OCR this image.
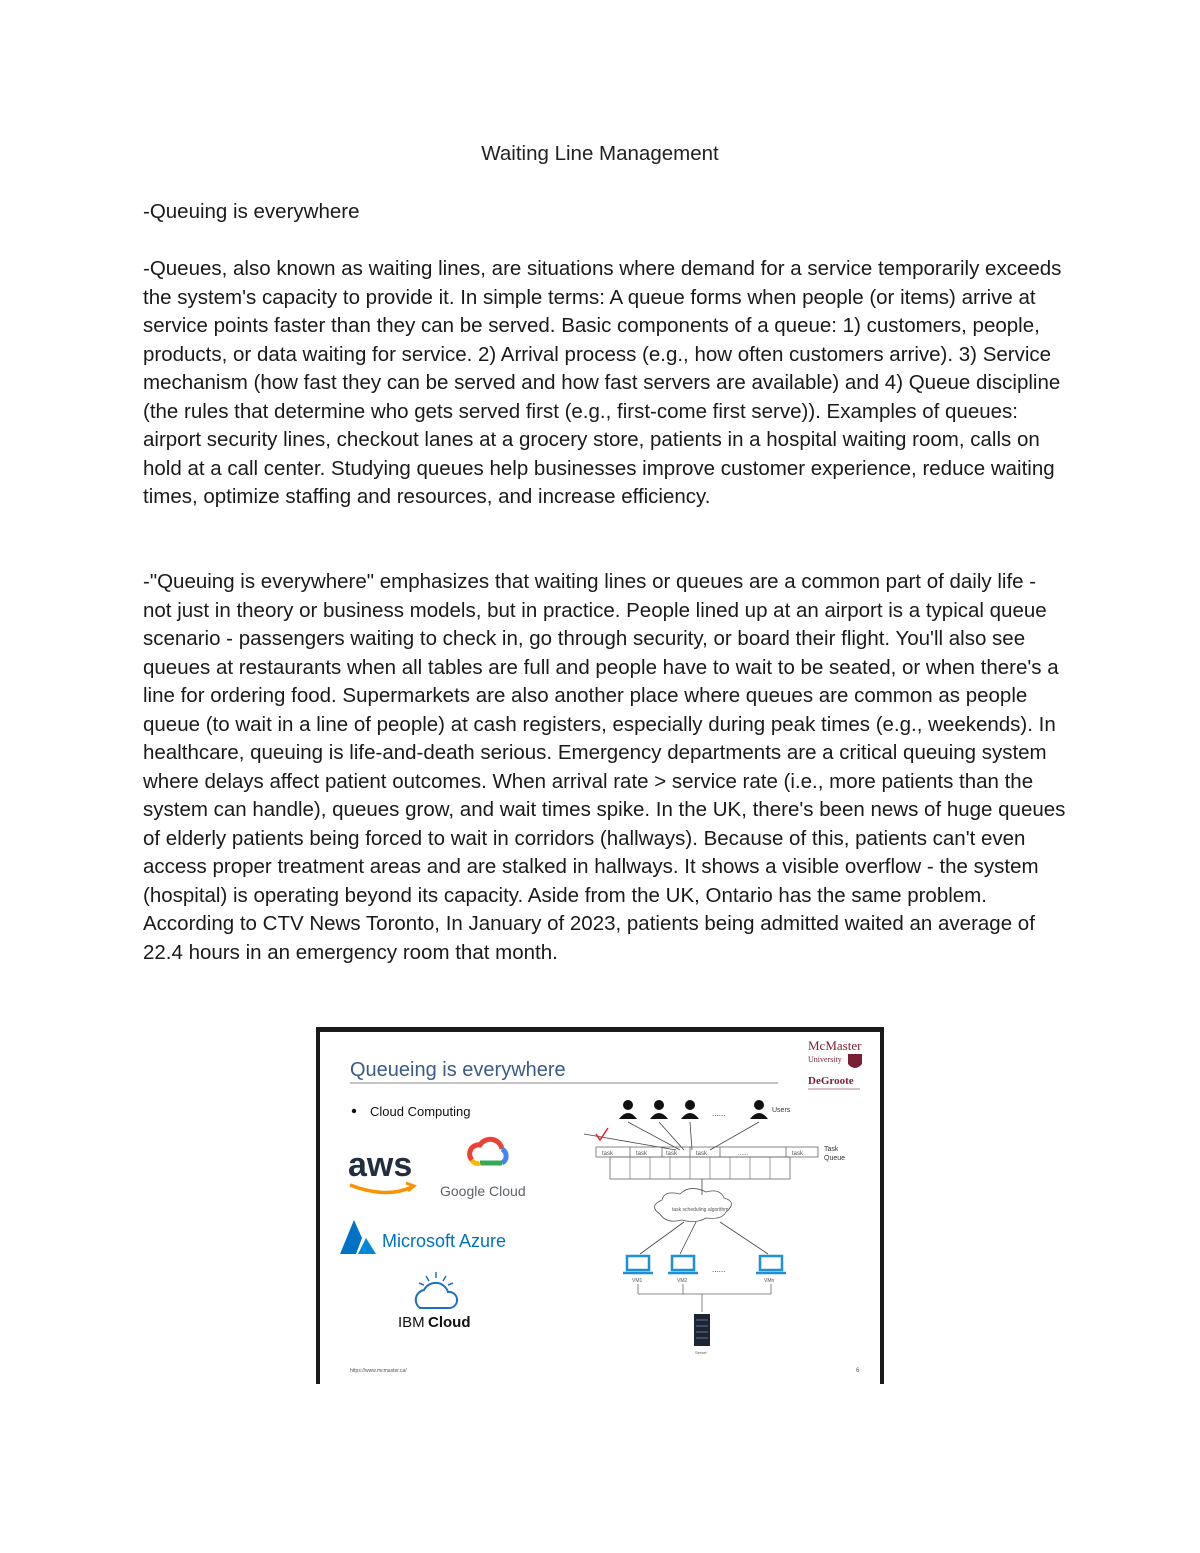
Waiting Line Management

-Queuing is everywhere

-Queues, also known as waiting lines, are situations where demand for a service temporarily exceeds the system's capacity to provide it. In simple terms: A queue forms when people (or items) arrive at service points faster than they can be served. Basic components of a queue: 1) customers, people, products, or data waiting for service. 2) Arrival process (e.g., how often customers arrive). 3) Service mechanism (how fast they can be served and how fast servers are available) and 4) Queue discipline (the rules that determine who gets served first (e.g., first-come first serve)). Examples of queues: airport security lines, checkout lanes at a grocery store, patients in a hospital waiting room, calls on hold at a call center. Studying queues help businesses improve customer experience, reduce waiting times, optimize staffing and resources, and increase efficiency.

-"Queuing is everywhere" emphasizes that waiting lines or queues are a common part of daily life - not just in theory or business models, but in practice. People lined up at an airport is a typical queue scenario - passengers waiting to check in, go through security, or board their flight. You'll also see queues at restaurants when all tables are full and people have to wait to be seated, or when there's a line for ordering food. Supermarkets are also another place where queues are common as people queue (to wait in a line of people) at cash registers, especially during peak times (e.g., weekends). In healthcare, queuing is life-and-death serious. Emergency departments are a critical queuing system where delays affect patient outcomes. When arrival rate > service rate (i.e., more patients than the system can handle), queues grow, and wait times spike. In the UK, there's been news of huge queues of elderly patients being forced to wait in corridors (hallways). Because of this, patients can't even access proper treatment areas and are stalked in hallways. It shows a visible overflow - the system (hospital) is operating beyond its capacity. Aside from the UK, Ontario has the same problem. According to CTV News Toronto, In January of 2023, patients being admitted waited an average of 22.4 hours in an emergency room that month.

Queueing is everywhere
McMaster
University
DeGroote
Cloud Computing
aws
Google Cloud
Microsoft Azure
IBM Cloud
......	Users
task	task	task	task	......	task
Task
Queue
task scheduling algorithm
VM1	VM2	VMn
......
Server
https://www.mcmaster.ca/	6
